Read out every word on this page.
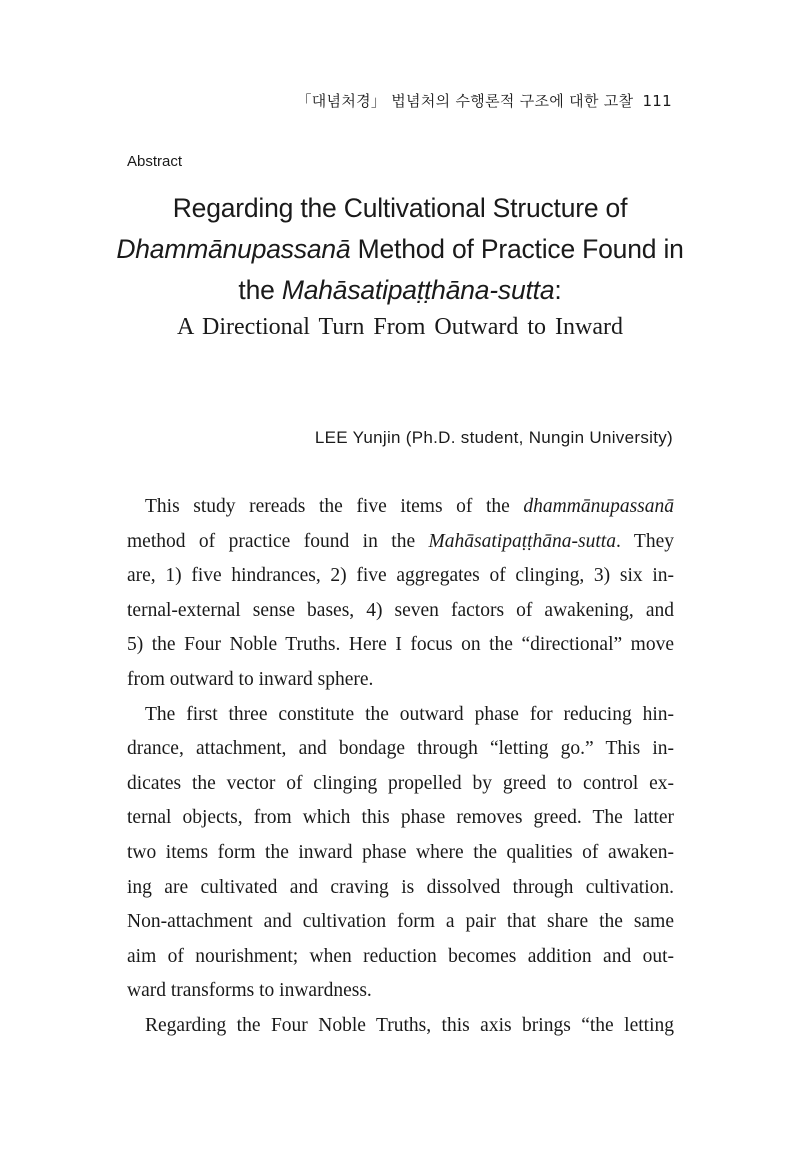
「대념처경」 법념처의 수행론적 구조에 대한 고찰 111
Abstract
Regarding the Cultivational Structure of
Dhammānupassanā Method of Practice Found in
the Mahāsatipaṭṭhāna-sutta:
A Directional Turn From Outward to Inward
LEE Yunjin (Ph.D. student, Nungin University)
This study rereads the five items of the dhammānupassanā
method of practice found in the Mahāsatipaṭṭhāna-sutta. They
are, 1) five hindrances, 2) five aggregates of clinging, 3) six in-
ternal-external sense bases, 4) seven factors of awakening, and
5) the Four Noble Truths. Here I focus on the “directional” move
from outward to inward sphere.
The first three constitute the outward phase for reducing hin-
drance, attachment, and bondage through “letting go.” This in-
dicates the vector of clinging propelled by greed to control ex-
ternal objects, from which this phase removes greed. The latter
two items form the inward phase where the qualities of awaken-
ing are cultivated and craving is dissolved through cultivation.
Non-attachment and cultivation form a pair that share the same
aim of nourishment; when reduction becomes addition and out-
ward transforms to inwardness.
Regarding the Four Noble Truths, this axis brings “the letting
